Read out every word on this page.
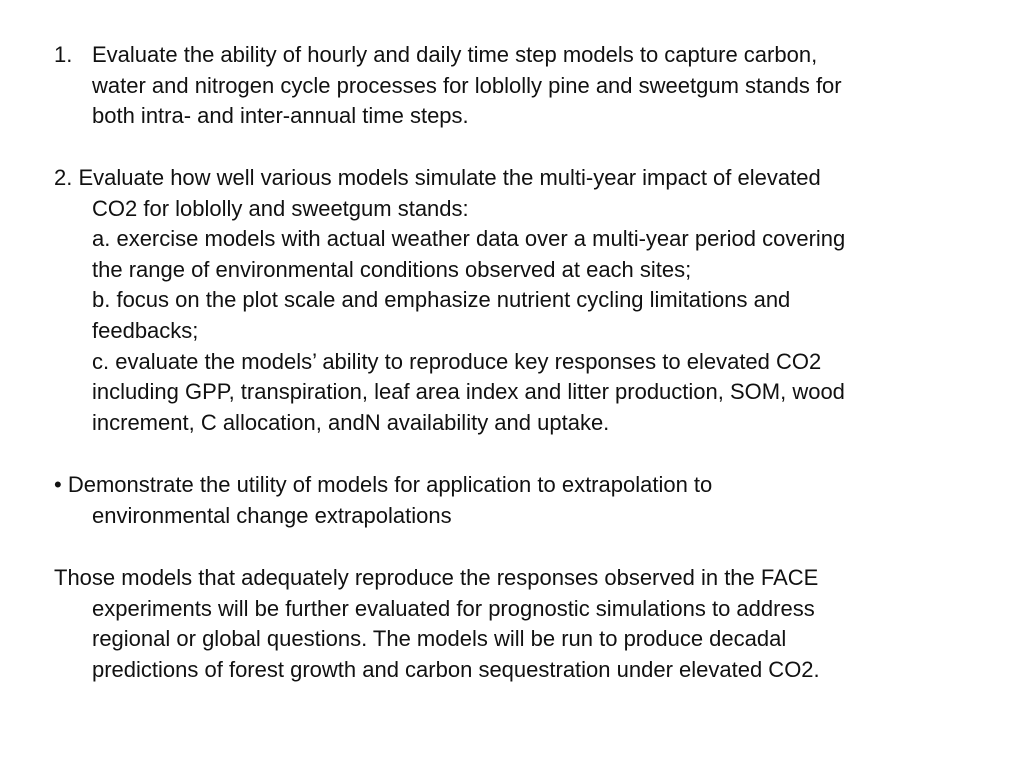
1. Evaluate the ability of hourly and daily time step models to capture carbon,
water and nitrogen cycle processes for loblolly pine and sweetgum stands for
both intra- and inter-annual time steps.
2. Evaluate how well various models simulate the multi-year impact of elevated
CO2 for loblolly and sweetgum stands:
a. exercise models with actual weather data over a multi-year period covering
the range of environmental conditions observed at each sites;
b. focus on the plot scale and emphasize nutrient cycling limitations and
feedbacks;
c. evaluate the models’ ability to reproduce key responses to elevated CO2
including GPP, transpiration, leaf area index and litter production, SOM, wood
increment, C allocation, andN availability and uptake.
• Demonstrate the utility of models for application to extrapolation to
environmental change extrapolations
Those models that adequately reproduce the responses observed in the FACE
experiments will be further evaluated for prognostic simulations to address
regional or global questions. The models will be run to produce decadal
predictions of forest growth and carbon sequestration under elevated CO2.
